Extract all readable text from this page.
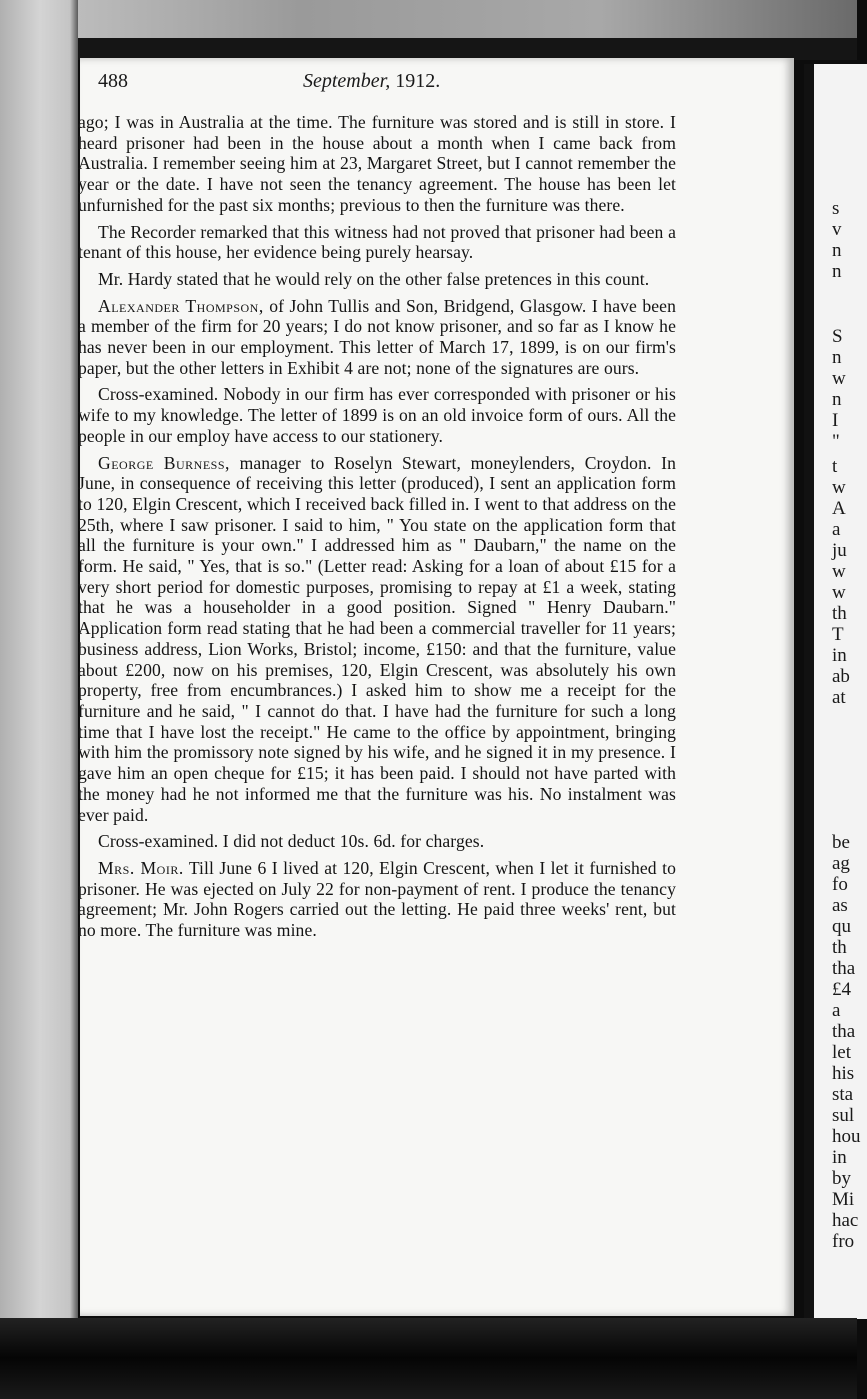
s
v
n
n
S
n
w
n
I
"
t
w
A
a
ju
w
w
th
T
in
ab
at
be
ag
fo
as
qu
th
tha
£4
a
tha
let
his
sta
sul
hou
in
by
Mi
hac
fro
488	September, 1912.

ago; I was in Australia at the time. The furniture was stored and is still in store. I heard prisoner had been in the house about a month when I came back from Australia. I remember seeing him at 23, Margaret Street, but I cannot remember the year or the date. I have not seen the tenancy agreement. The house has been let unfurnished for the past six months; previous to then the furniture was there.

The Recorder remarked that this witness had not proved that prisoner had been a tenant of this house, her evidence being purely hearsay.

Mr. Hardy stated that he would rely on the other false pretences in this count.

Alexander Thompson, of John Tullis and Son, Bridgend, Glasgow. I have been a member of the firm for 20 years; I do not know prisoner, and so far as I know he has never been in our employment. This letter of March 17, 1899, is on our firm's paper, but the other letters in Exhibit 4 are not; none of the signatures are ours.

Cross-examined. Nobody in our firm has ever corresponded with prisoner or his wife to my knowledge. The letter of 1899 is on an old invoice form of ours. All the people in our employ have access to our stationery.

George Burness, manager to Roselyn Stewart, moneylenders, Croydon. In June, in consequence of receiving this letter (produced), I sent an application form to 120, Elgin Crescent, which I received back filled in. I went to that address on the 25th, where I saw prisoner. I said to him, " You state on the application form that all the furniture is your own." I addressed him as " Daubarn," the name on the form. He said, " Yes, that is so." (Letter read: Asking for a loan of about £15 for a very short period for domestic purposes, promising to repay at £1 a week, stating that he was a householder in a good position. Signed " Henry Daubarn." Application form read stating that he had been a commercial traveller for 11 years; business address, Lion Works, Bristol; income, £150: and that the furniture, value about £200, now on his premises, 120, Elgin Crescent, was absolutely his own property, free from encumbrances.) I asked him to show me a receipt for the furniture and he said, " I cannot do that. I have had the furniture for such a long time that I have lost the receipt." He came to the office by appointment, bringing with him the promissory note signed by his wife, and he signed it in my presence. I gave him an open cheque for £15; it has been paid. I should not have parted with the money had he not informed me that the furniture was his. No instalment was ever paid.

Cross-examined. I did not deduct 10s. 6d. for charges.

Mrs. Moir. Till June 6 I lived at 120, Elgin Crescent, when I let it furnished to prisoner. He was ejected on July 22 for non-payment of rent. I produce the tenancy agreement; Mr. John Rogers carried out the letting. He paid three weeks' rent, but no more. The furniture was mine.
